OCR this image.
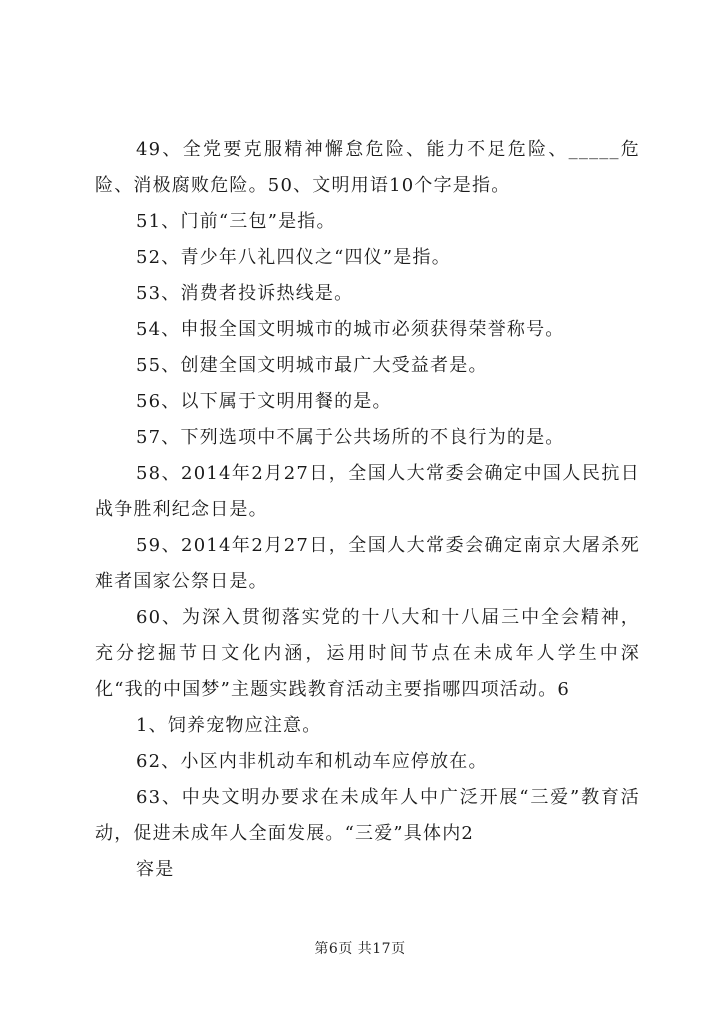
49、全党要克服精神懈怠危险、能力不足危险、_____危险、消极腐败危险。50、文明用语10个字是指。

51、门前“三包”是指。

52、青少年八礼四仪之“四仪”是指。

53、消费者投诉热线是。

54、申报全国文明城市的城市必须获得荣誉称号。

55、创建全国文明城市最广大受益者是。

56、以下属于文明用餐的是。

57、下列选项中不属于公共场所的不良行为的是。

58、2014年2月27日，全国人大常委会确定中国人民抗日战争胜利纪念日是。

59、2014年2月27日，全国人大常委会确定南京大屠杀死难者国家公祭日是。

60、为深入贯彻落实党的十八大和十八届三中全会精神，充分挖掘节日文化内涵，运用时间节点在未成年人学生中深化“我的中国梦”主题实践教育活动主要指哪四项活动。6

1、饲养宠物应注意。

62、小区内非机动车和机动车应停放在。

63、中央文明办要求在未成年人中广泛开展“三爱”教育活动，促进未成年人全面发展。“三爱”具体内2

容是

第6页 共17页
